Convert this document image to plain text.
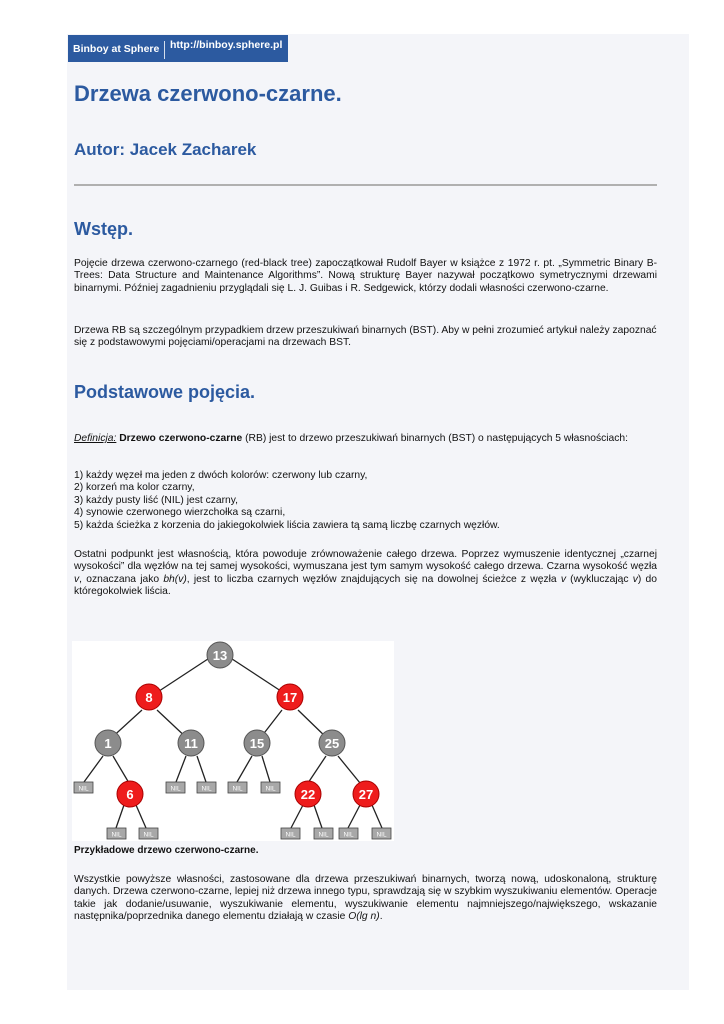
Binboy at Sphere http://binboy.sphere.pl
Drzewa czerwono-czarne.
Autor: Jacek Zacharek
Wstęp.

Pojęcie drzewa czerwono-czarnego (red-black tree) zapoczątkował Rudolf Bayer w książce z 1972 r. pt. „Symmetric Binary B-Trees: Data Structure and Maintenance Algorithms”. Nową strukturę Bayer nazywał początkowo symetrycznymi drzewami binarnymi. Później zagadnieniu przyglądali się L. J. Guibas i R. Sedgewick, którzy dodali własności czerwono-czarne.

Drzewa RB są szczególnym przypadkiem drzew przeszukiwań binarnych (BST). Aby w pełni zrozumieć artykuł należy zapoznać się z podstawowymi pojęciami/operacjami na drzewach BST.

Podstawowe pojęcia.

Definicja: Drzewo czerwono-czarne (RB) jest to drzewo przeszukiwań binarnych (BST) o następujących 5 własnościach:

1) każdy węzeł ma jeden z dwóch kolorów: czerwony lub czarny,
2) korzeń ma kolor czarny,
3) każdy pusty liść (NIL) jest czarny,
4) synowie czerwonego wierzchołka są czarni,
5) każda ścieżka z korzenia do jakiegokolwiek liścia zawiera tą samą liczbę czarnych węzłów.

Ostatni podpunkt jest własnością, która powoduje zrównoważenie całego drzewa. Poprzez wymuszenie identycznej „czarnej wysokości” dla węzłów na tej samej wysokości, wymuszana jest tym samym wysokość całego drzewa. Czarna wysokość węzła v, oznaczana jako bh(v), jest to liczba czarnych węzłów znajdujących się na dowolnej ścieżce z węzła v (wykluczając v) do któregokolwiek liścia.

13
8	17
1	11	15	25
6	22	27
NIL	NIL	NIL	NIL	NIL
NIL	NIL	NIL	NIL NIL	NIL
Przykładowe drzewo czerwono-czarne.

Wszystkie powyższe własności, zastosowane dla drzewa przeszukiwań binarnych, tworzą nową, udoskonaloną, strukturę danych. Drzewa czerwono-czarne, lepiej niż drzewa innego typu, sprawdzają się w szybkim wyszukiwaniu elementów. Operacje takie jak dodanie/usuwanie, wyszukiwanie elementu, wyszukiwanie elementu najmniejszego/największego, wskazanie następnika/poprzednika danego elementu działają w czasie O(lg n).
